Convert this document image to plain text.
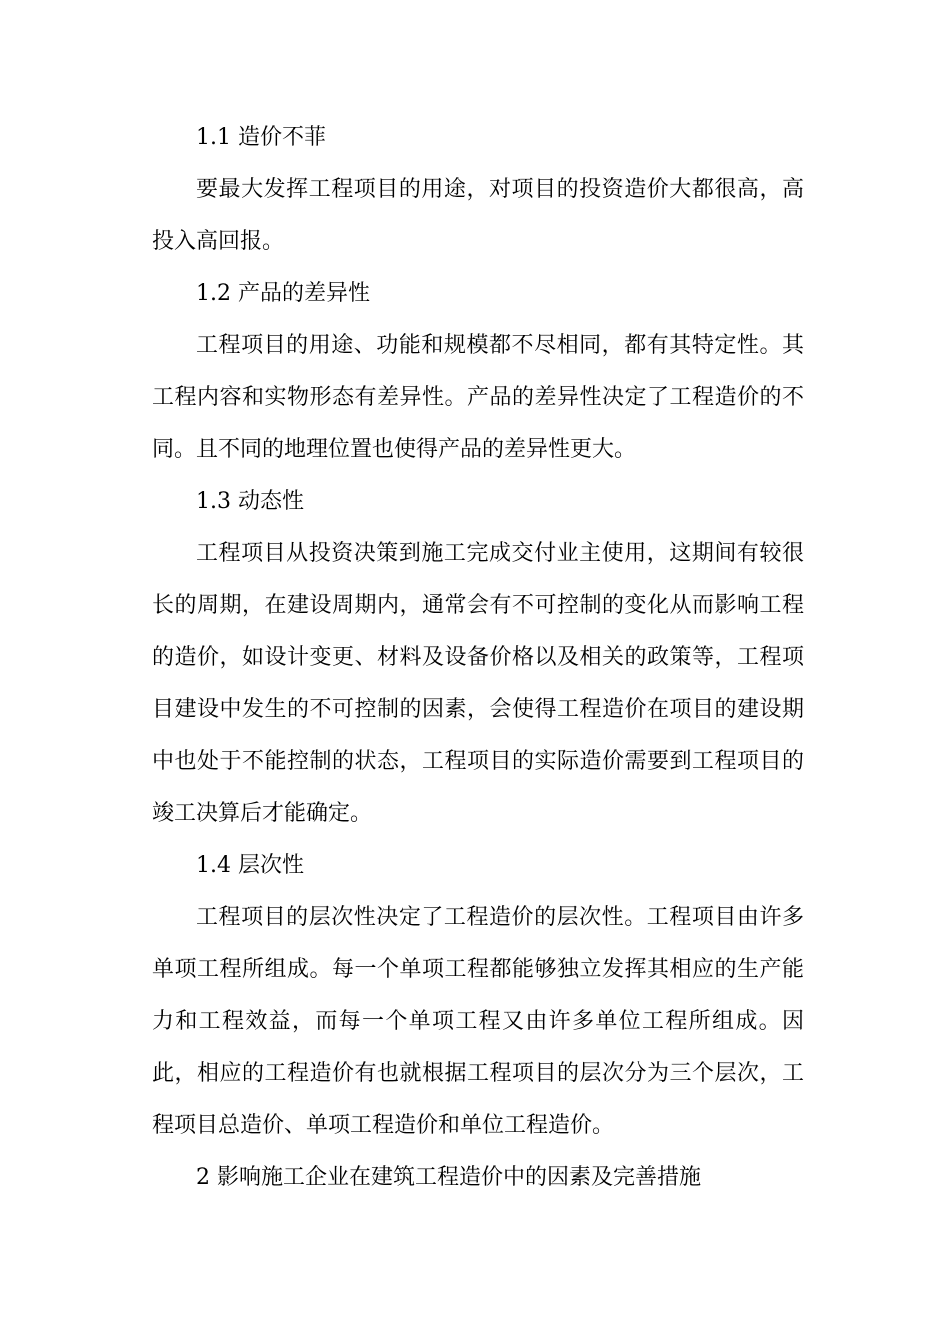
1.1 造价不菲

要最大发挥工程项目的用途，对项目的投资造价大都很高，高投入高回报。

1.2 产品的差异性

工程项目的用途、功能和规模都不尽相同，都有其特定性。其工程内容和实物形态有差异性。产品的差异性决定了工程造价的不同。且不同的地理位置也使得产品的差异性更大。

1.3 动态性

工程项目从投资决策到施工完成交付业主使用，这期间有较很长的周期，在建设周期内，通常会有不可控制的变化从而影响工程的造价，如设计变更、材料及设备价格以及相关的政策等，工程项目建设中发生的不可控制的因素，会使得工程造价在项目的建设期中也处于不能控制的状态，工程项目的实际造价需要到工程项目的竣工决算后才能确定。

1.4 层次性

工程项目的层次性决定了工程造价的层次性。工程项目由许多单项工程所组成。每一个单项工程都能够独立发挥其相应的生产能力和工程效益，而每一个单项工程又由许多单位工程所组成。因此，相应的工程造价有也就根据工程项目的层次分为三个层次，工程项目总造价、单项工程造价和单位工程造价。

2 影响施工企业在建筑工程造价中的因素及完善措施
